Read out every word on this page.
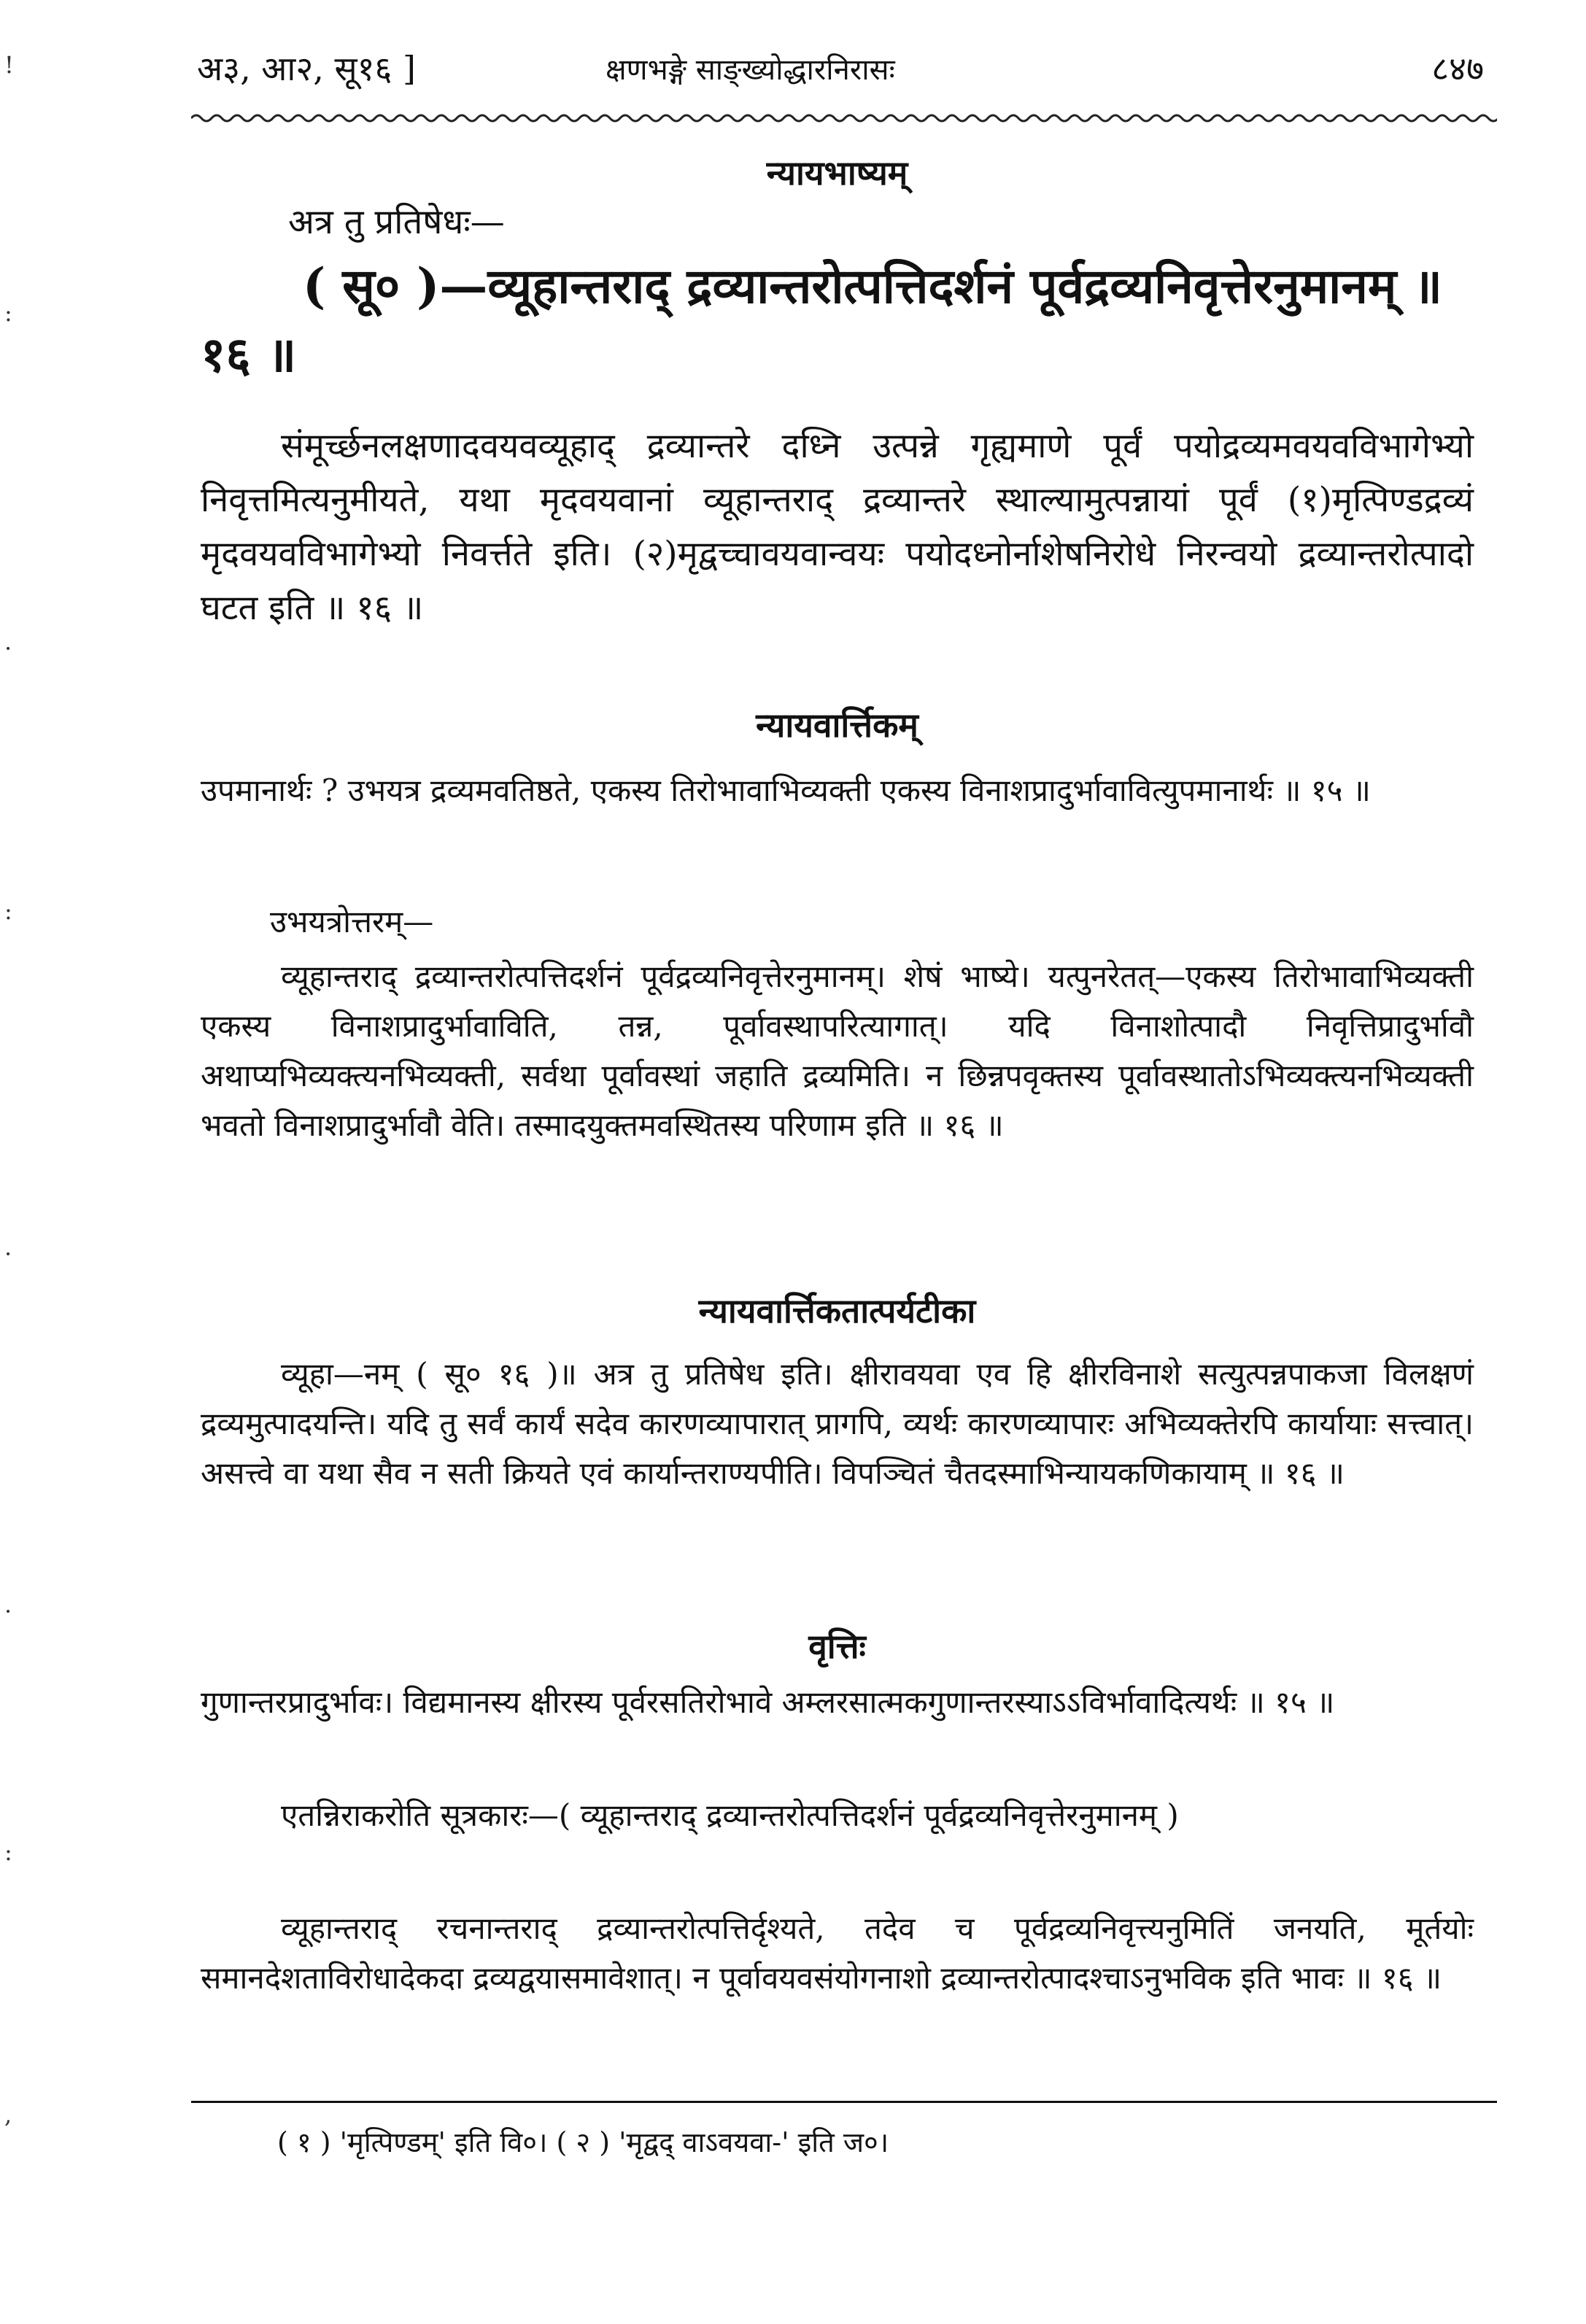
!
:
·
:
·
·
:
,
अ३, आ२, सू१६ ]	क्षणभङ्गे साङ्ख्योद्धारनिरासः	८४७
न्यायभाष्यम्
अत्र तु प्रतिषेधः—
( सू० )—व्यूहान्तराद् द्रव्यान्तरोत्पत्तिदर्शनं पूर्वद्रव्यनिवृत्तेरनुमानम् ॥ १६ ॥
संमूर्च्छनलक्षणादवयवव्यूहाद् द्रव्यान्तरे दध्नि उत्पन्ने गृह्यमाणे पूर्वं पयोद्रव्यमवयवविभागेभ्यो निवृत्तमित्यनुमीयते, यथा मृदवयवानां व्यूहान्तराद् द्रव्यान्तरे स्थाल्यामुत्पन्नायां पूर्वं (१)मृत्पिण्डद्रव्यं मृदवयवविभागेभ्यो निवर्त्तते इति। (२)मृद्वच्चावयवान्वयः पयोदध्नोर्नाशेषनिरोधे निरन्वयो द्रव्यान्तरोत्पादो घटत इति ॥ १६ ॥
न्यायवार्त्तिकम्
उपमानार्थः ? उभयत्र द्रव्यमवतिष्ठते, एकस्य तिरोभावाभिव्यक्ती एकस्य विनाशप्रादुर्भावावित्युपमानार्थः ॥ १५ ॥
उभयत्रोत्तरम्—
व्यूहान्तराद् द्रव्यान्तरोत्पत्तिदर्शनं पूर्वद्रव्यनिवृत्तेरनुमानम्। शेषं भाष्ये। यत्पुनरेतत्—एकस्य तिरोभावाभिव्यक्ती एकस्य विनाशप्रादुर्भावाविति, तन्न, पूर्वावस्थापरित्यागात्। यदि विनाशोत्पादौ निवृत्तिप्रादुर्भावौ अथाप्यभिव्यक्त्यनभिव्यक्ती, सर्वथा पूर्वावस्थां जहाति द्रव्यमिति। न छिन्नपवृक्तस्य पूर्वावस्थातोऽभिव्यक्त्यनभिव्यक्ती भवतो विनाशप्रादुर्भावौ वेति। तस्मादयुक्तमवस्थितस्य परिणाम इति ॥ १६ ॥
न्यायवार्त्तिकतात्पर्यटीका
व्यूहा—नम् ( सू० १६ )॥ अत्र तु प्रतिषेध इति। क्षीरावयवा एव हि क्षीरविनाशे सत्युत्पन्नपाकजा विलक्षणं द्रव्यमुत्पादयन्ति। यदि तु सर्वं कार्यं सदेव कारणव्यापारात् प्रागपि, व्यर्थः कारणव्यापारः अभिव्यक्तेरपि कार्यायाः सत्त्वात्। असत्त्वे वा यथा सैव न सती क्रियते एवं कार्यान्तराण्यपीति। विपञ्चितं चैतदस्माभिन्यायकणिकायाम् ॥ १६ ॥
वृत्तिः
गुणान्तरप्रादुर्भावः। विद्यमानस्य क्षीरस्य पूर्वरसतिरोभावे अम्लरसात्मकगुणान्तरस्याऽऽविर्भावादित्यर्थः ॥ १५ ॥
एतन्निराकरोति सूत्रकारः—( व्यूहान्तराद् द्रव्यान्तरोत्पत्तिदर्शनं पूर्वद्रव्यनिवृत्तेरनुमानम् )
व्यूहान्तराद् रचनान्तराद् द्रव्यान्तरोत्पत्तिर्दृश्यते, तदेव च पूर्वद्रव्यनिवृत्त्यनुमितिं जनयति, मूर्तयोः समानदेशताविरोधादेकदा द्रव्यद्वयासमावेशात्। न पूर्वावयवसंयोगनाशो द्रव्यान्तरोत्पादश्चाऽनुभविक इति भावः ॥ १६ ॥
( १ ) 'मृत्पिण्डम्' इति वि०। ( २ ) 'मृद्वद् वाऽवयवा-' इति ज०।
